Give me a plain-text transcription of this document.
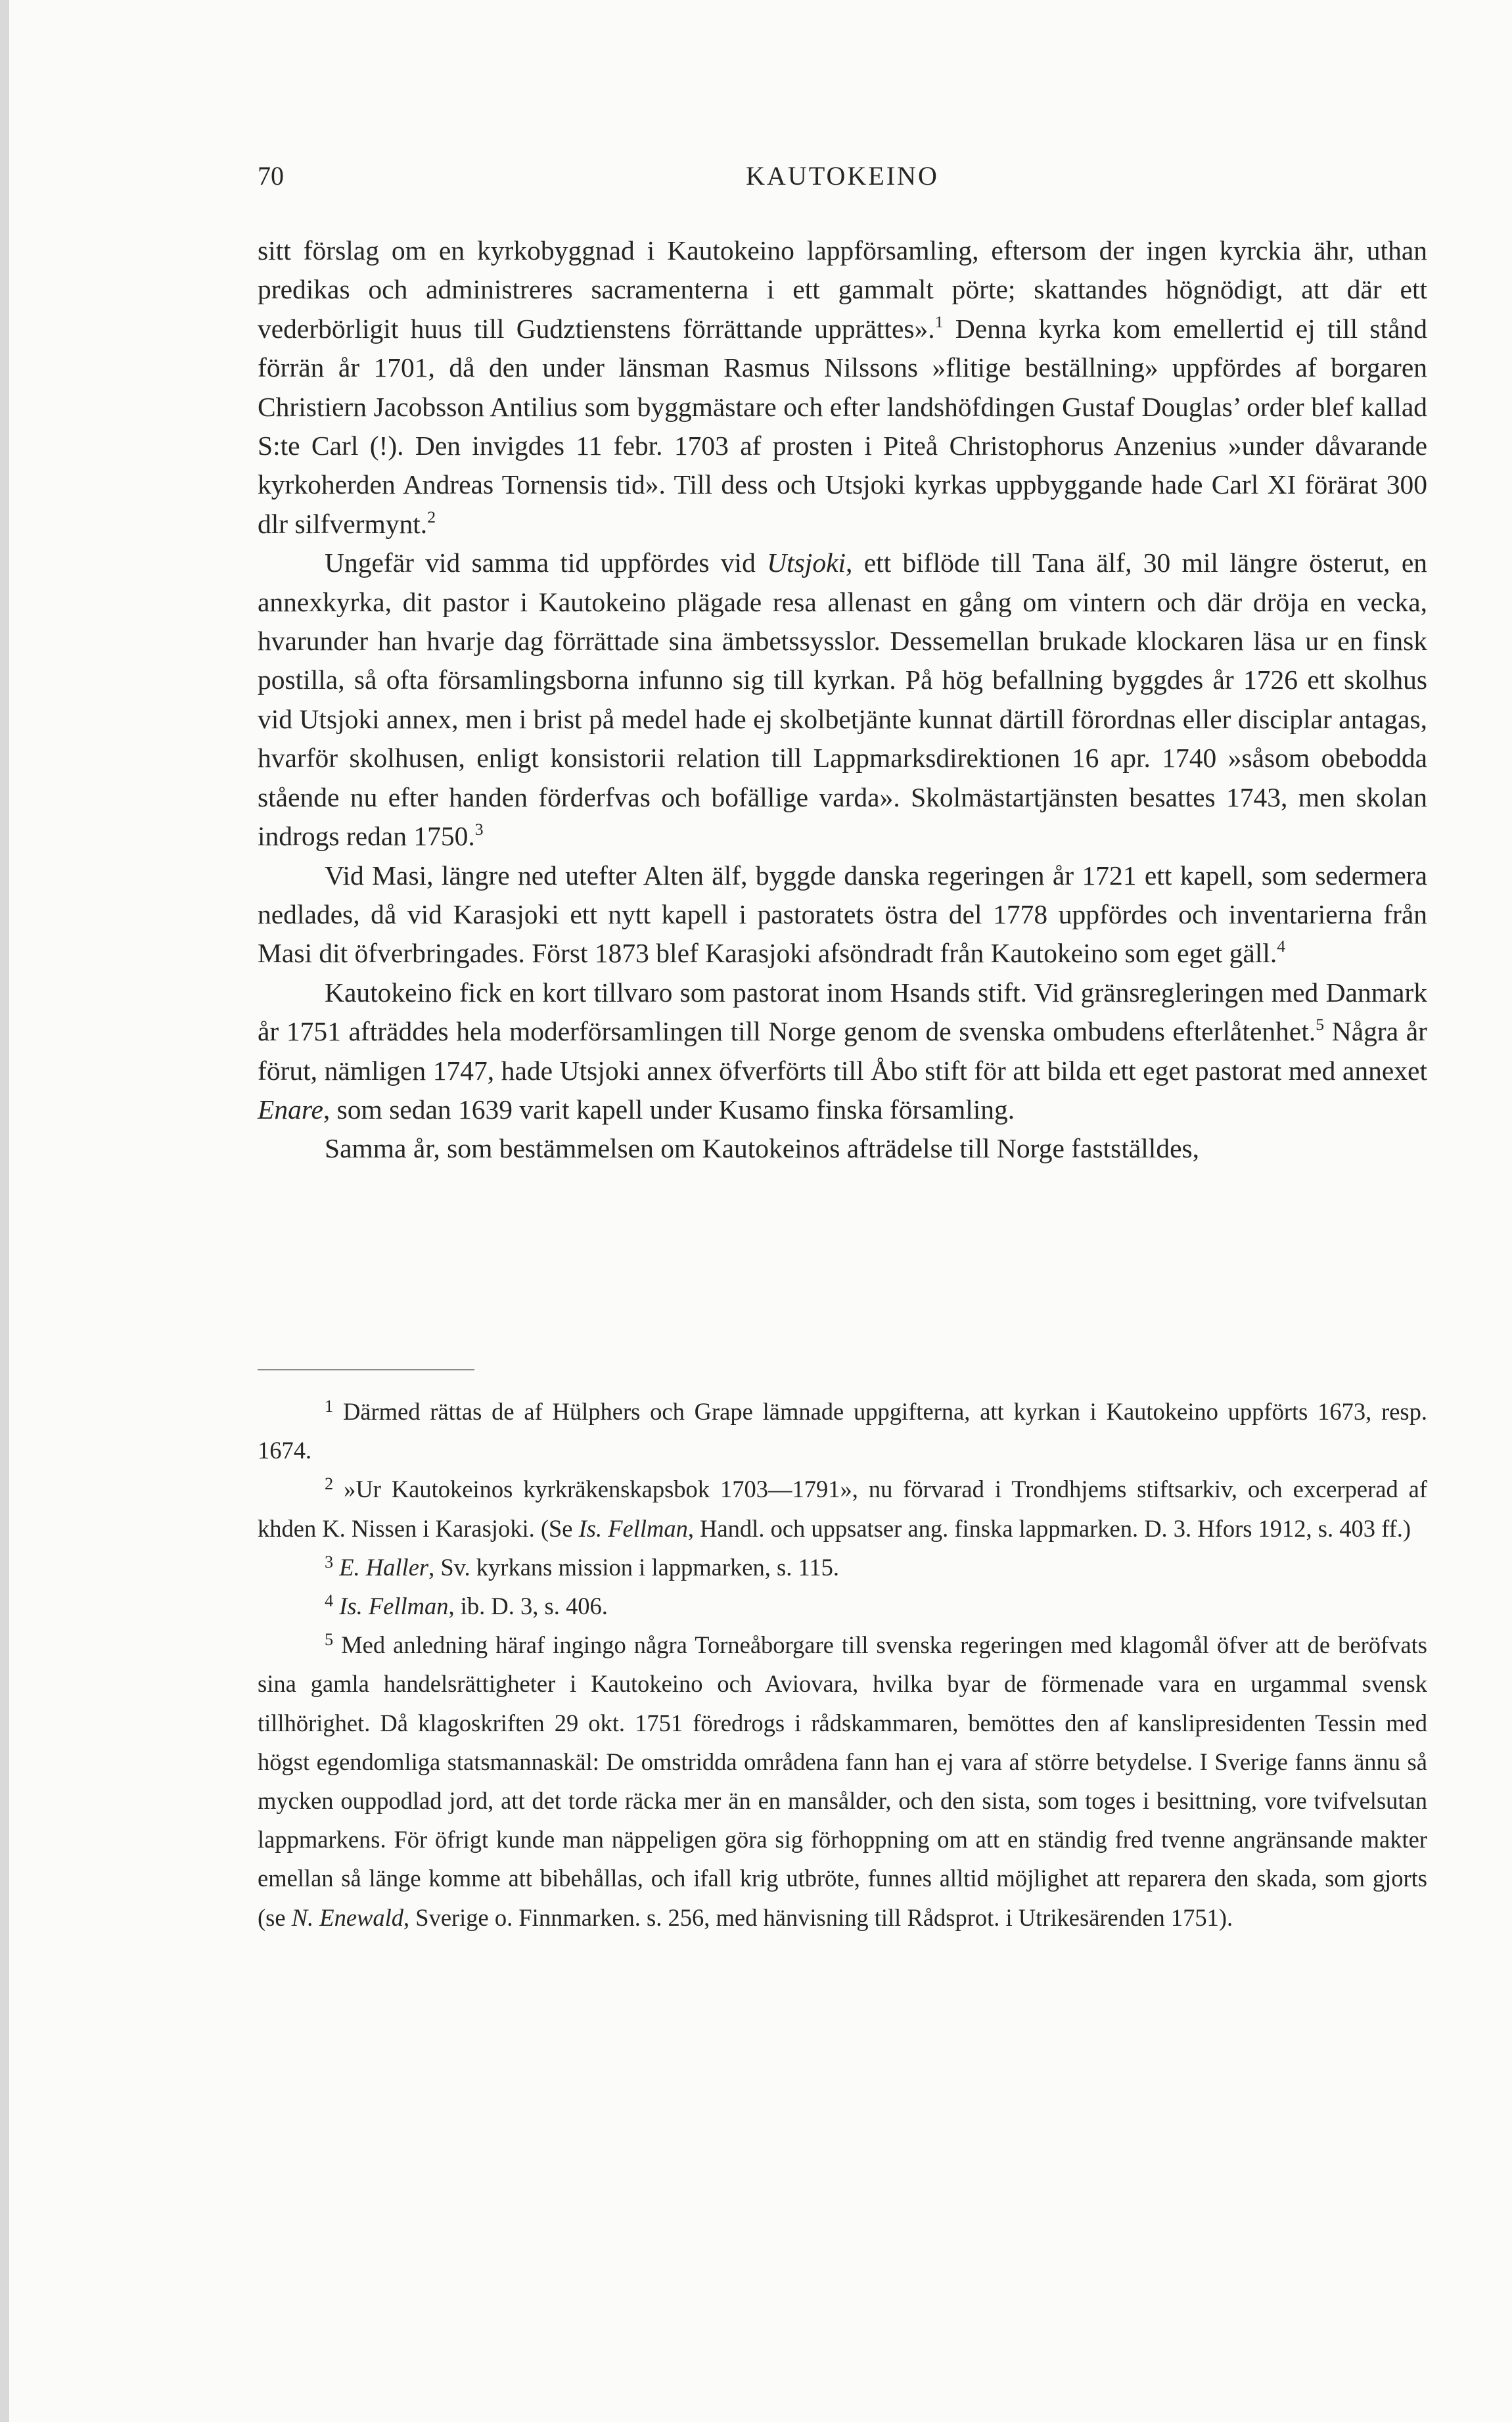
70	KAUTOKEINO

sitt förslag om en kyrkobyggnad i Kautokeino lappförsamling, eftersom der ingen kyrckia ähr, uthan predikas och administreres sacramenterna i ett gammalt pörte; skattandes högnödigt, att där ett vederbörligit huus till Gudztienstens förrättande upprättes».$^1$ Denna kyrka kom emellertid ej till stånd förrän år 1701, då den under länsman Rasmus Nilssons »flitige beställning» uppfördes af borgaren Christiern Jacobsson Antilius som byggmästare och efter landshöfdingen Gustaf Douglas’ order blef kallad S:te Carl (!). Den invigdes 11 febr. 1703 af prosten i Piteå Christophorus Anzenius »under dåvarande kyrkoherden Andreas Tornensis tid». Till dess och Utsjoki kyrkas uppbyggande hade Carl XI förärat 300 dlr silfvermynt.$^2$

Ungefär vid samma tid uppfördes vid Utsjoki, ett biflöde till Tana älf, 30 mil längre österut, en annexkyrka, dit pastor i Kautokeino plägade resa allenast en gång om vintern och där dröja en vecka, hvarunder han hvarje dag förrättade sina ämbetssysslor. Dessemellan brukade klockaren läsa ur en finsk postilla, så ofta församlingsborna infunno sig till kyrkan. På hög befallning byggdes år 1726 ett skolhus vid Utsjoki annex, men i brist på medel hade ej skolbetjänte kunnat därtill förordnas eller disciplar antagas, hvarför skolhusen, enligt konsistorii relation till Lappmarksdirektionen 16 apr. 1740 »såsom obebodda stående nu efter handen förderfvas och bofällige varda». Skolmästartjänsten besattes 1743, men skolan indrogs redan 1750.$^3$

Vid Masi, längre ned utefter Alten älf, byggde danska regeringen år 1721 ett kapell, som sedermera nedlades, då vid Karasjoki ett nytt kapell i pastoratets östra del 1778 uppfördes och inventarierna från Masi dit öfverbringades. Först 1873 blef Karasjoki afsöndradt från Kautokeino som eget gäll.$^4$

Kautokeino fick en kort tillvaro som pastorat inom Hsands stift. Vid gränsregleringen med Danmark år 1751 afträddes hela moderförsamlingen till Norge genom de svenska ombudens efterlåtenhet.$^5$ Några år förut, nämligen 1747, hade Utsjoki annex öfverförts till Åbo stift för att bilda ett eget pastorat med annexet Enare, som sedan 1639 varit kapell under Kusamo finska församling.

Samma år, som bestämmelsen om Kautokeinos afträdelse till Norge fastställdes,

$^1$ Därmed rättas de af Hülphers och Grape lämnade uppgifterna, att kyrkan i Kautokeino uppförts 1673, resp. 1674.

$^2$ »Ur Kautokeinos kyrkräkenskapsbok 1703—1791», nu förvarad i Trondhjems stiftsarkiv, och excerperad af khden K. Nissen i Karasjoki. (Se Is. Fellman, Handl. och uppsatser ang. finska lappmarken. D. 3. Hfors 1912, s. 403 ff.)

$^3$ E. Haller, Sv. kyrkans mission i lappmarken, s. 115.

$^4$ Is. Fellman, ib. D. 3, s. 406.

$^5$ Med anledning häraf ingingo några Torneåborgare till svenska regeringen med klagomål öfver att de beröfvats sina gamla handelsrättigheter i Kautokeino och Aviovara, hvilka byar de förmenade vara en urgammal svensk tillhörighet. Då klagoskriften 29 okt. 1751 föredrogs i rådskammaren, bemöttes den af kanslipresidenten Tessin med högst egendomliga statsmannaskäl: De omstridda områdena fann han ej vara af större betydelse. I Sverige fanns ännu så mycken ouppodlad jord, att det torde räcka mer än en mansålder, och den sista, som toges i besittning, vore tvifvelsutan lappmarkens. För öfrigt kunde man näppeligen göra sig förhoppning om att en ständig fred tvenne angränsande makter emellan så länge komme att bibehållas, och ifall krig utbröte, funnes alltid möjlighet att reparera den skada, som gjorts (se N. Enewald, Sverige o. Finnmarken. s. 256, med hänvisning till Rådsprot. i Utrikesärenden 1751).
